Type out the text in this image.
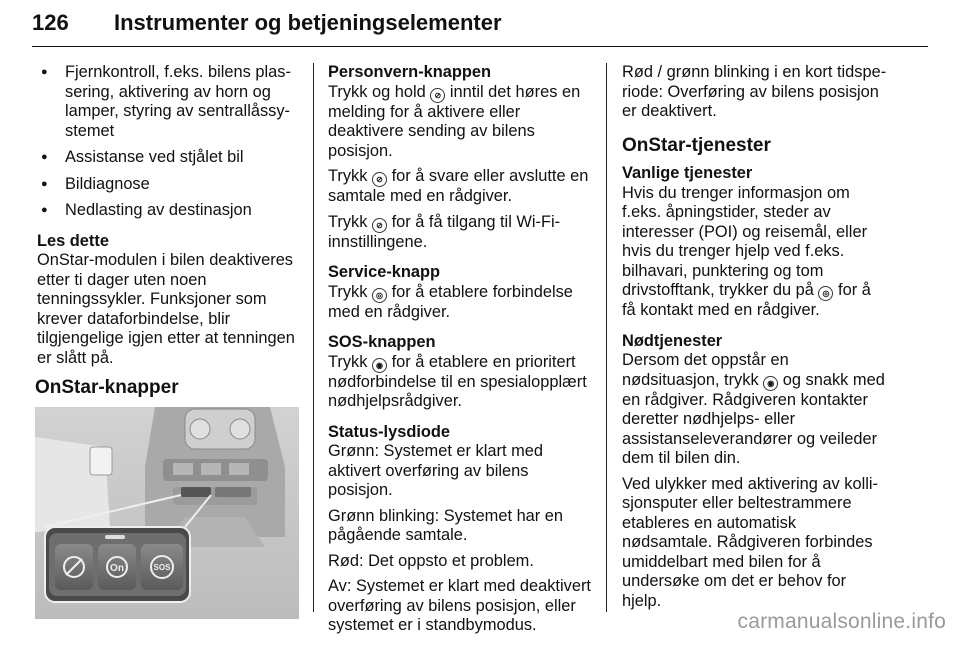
126 Instrumenter og betjeningselementer
● Fjernkontroll, f.eks. bilens plassering, aktivering av horn og lamper, styring av sentrallåssystemet
● Assistanse ved stjålet bil
● Bildiagnose
● Nedlasting av destinasjon
Les dette
OnStar-modulen i bilen deaktiveres etter ti dager uten noen tenningssykler. Funksjoner som krever dataforbindelse, blir tilgjengelige igjen etter at tenningen er slått på.
OnStar-knapper
On	SOS
Personvern-knappen

Trykk og hold ⊘ inntil det høres en melding for å aktivere eller deaktivere sending av bilens posisjon.

Trykk ⊘ for å svare eller avslutte en samtale med en rådgiver.

Trykk ⊘ for å få tilgang til Wi-Fi-innstillingene.

Service-knapp

Trykk ◎ for å etablere forbindelse med en rådgiver.

SOS-knappen

Trykk ◉ for å etablere en prioritert nødforbindelse til en spesialopplært nødhjelpsrådgiver.

Status-lysdiode

Grønn: Systemet er klart med aktivert overføring av bilens posisjon.

Grønn blinking: Systemet har en pågående samtale.

Rød: Det oppsto et problem.

Av: Systemet er klart med deaktivert overføring av bilens posisjon, eller systemet er i standbymodus.

Rød / grønn blinking i en kort tidsperiode: Overføring av bilens posisjon er deaktivert.

OnStar-tjenester
Vanlige tjenester

Hvis du trenger informasjon om f.eks. åpningstider, steder av interesser (POI) og reisemål, eller hvis du trenger hjelp ved f.eks. bilhavari, punktering og tom drivstofftank, trykker du på ◎ for å få kontakt med en rådgiver.

Nødtjenester

Dersom det oppstår en nødsituasjon, trykk ◉ og snakk med en rådgiver. Rådgiveren kontakter deretter nødhjelps- eller assistanseleverandører og veileder dem til bilen din.

Ved ulykker med aktivering av kollisjonsputer eller beltestrammere etableres en automatisk nødsamtale. Rådgiveren forbindes umiddelbart med bilen for å undersøke om det er behov for hjelp.

carmanualsonline.info
